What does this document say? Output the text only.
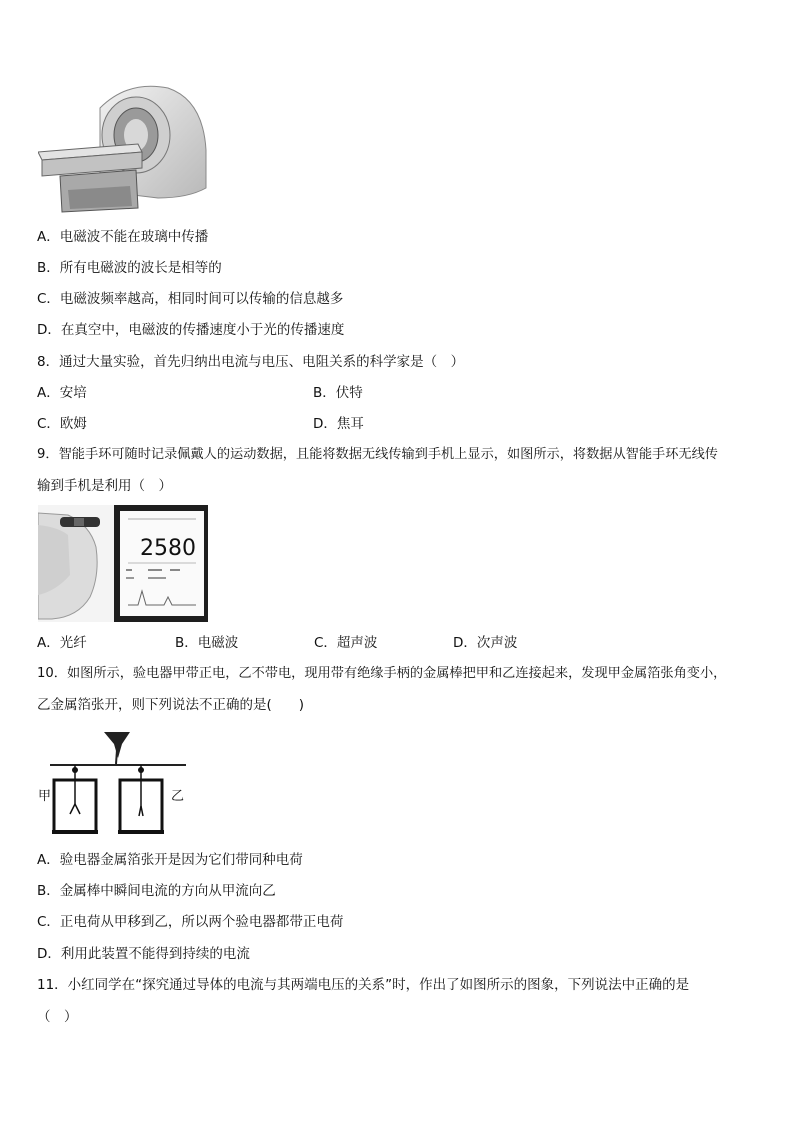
A．电磁波不能在玻璃中传播
B．所有电磁波的波长是相等的
C．电磁波频率越高，相同时间可以传输的信息越多
D．在真空中，电磁波的传播速度小于光的传播速度
8．通过大量实验，首先归纳出电流与电压、电阻关系的科学家是（　）
A．安培	B．伏特
C．欧姆	D．焦耳
9．智能手环可随时记录佩戴人的运动数据，且能将数据无线传输到手机上显示，如图所示，将数据从智能手环无线传
输到手机是利用（　）
2580
A．光纤	B．电磁波	C．超声波	D．次声波
10．如图所示，验电器甲带正电，乙不带电，现用带有绝缘手柄的金属棒把甲和乙连接起来，发现甲金属箔张角变小，
乙金属箔张开，则下列说法不正确的是(　　)
甲	乙
A．验电器金属箔张开是因为它们带同种电荷
B．金属棒中瞬间电流的方向从甲流向乙
C．正电荷从甲移到乙，所以两个验电器都带正电荷
D．利用此装置不能得到持续的电流
11．小红同学在“探究通过导体的电流与其两端电压的关系”时，作出了如图所示的图象，下列说法中正确的是
（　）
